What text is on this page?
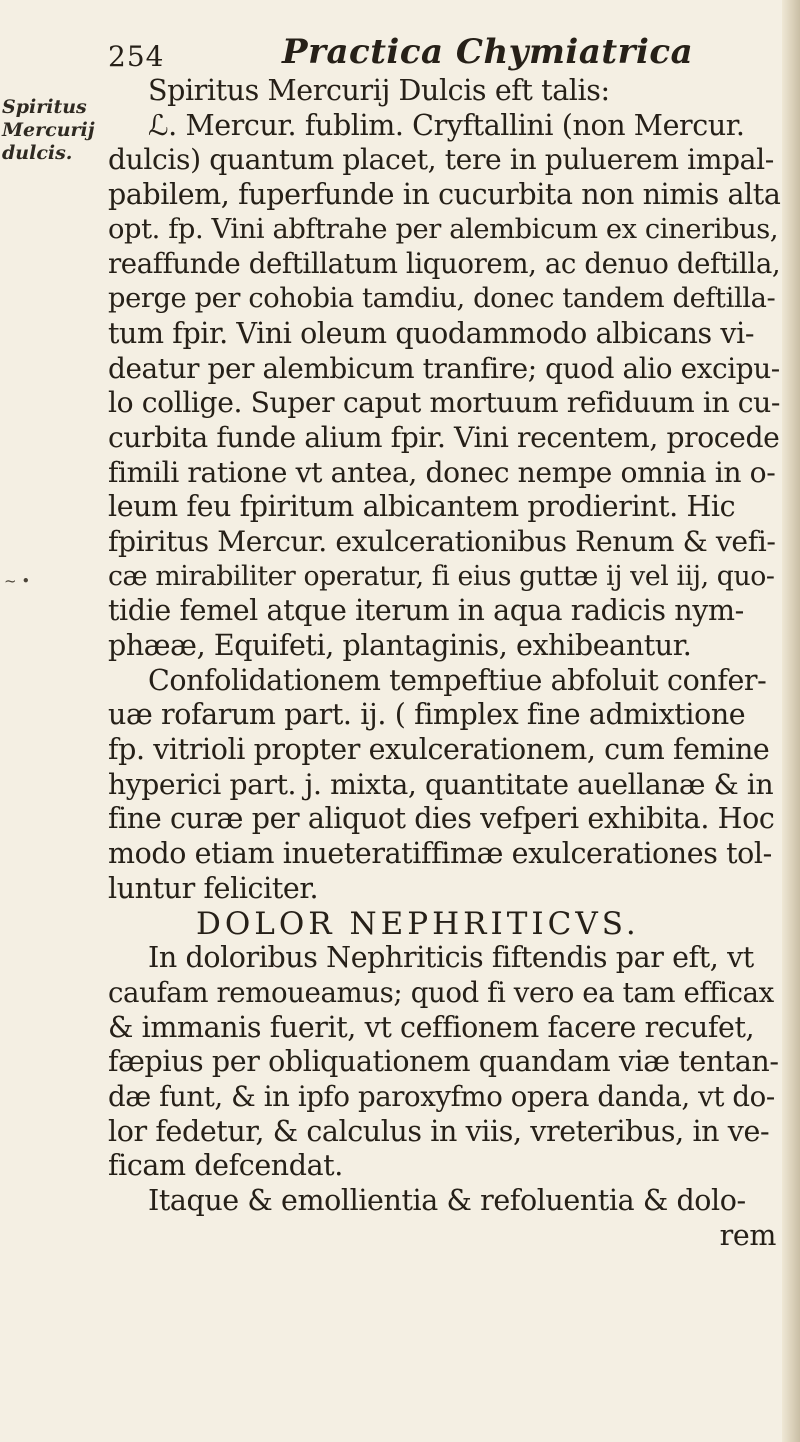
254	Practica Chymiatrica
Spiritus
Mercurij
dulcis.
~ •
Spiritus Mercurij Dulcis eft talis:
ℒ. Mercur. fublim. Cryftallini (non Mercur.
dulcis) quantum placet, tere in puluerem impal-
pabilem, fuperfunde in cucurbita non nimis alta
opt. fp. Vini abftrahe per alembicum ex cineribus,
reaffunde deftillatum liquorem, ac denuo deftilla,
perge per cohobia tamdiu, donec tandem deftilla-
tum fpir. Vini oleum quodammodo albicans vi-
deatur per alembicum tranfire; quod alio excipu-
lo collige. Super caput mortuum refiduum in cu-
curbita funde alium fpir. Vini recentem, procede
fimili ratione vt antea, donec nempe omnia in o-
leum feu fpiritum albicantem prodierint. Hic
fpiritus Mercur. exulcerationibus Renum & vefi-
cæ mirabiliter operatur, fi eius guttæ ij vel iij, quo-
tidie femel atque iterum in aqua radicis nym-
phææ, Equifeti, plantaginis, exhibeantur.
Confolidationem tempeftiue abfoluit confer-
uæ rofarum part. ij. ( fimplex fine admixtione
fp. vitrioli propter exulcerationem, cum femine
hyperici part. j. mixta, quantitate auellanæ & in
fine curæ per aliquot dies vefperi exhibita. Hoc
modo etiam inueteratiffimæ exulcerationes tol-
luntur feliciter.
DOLOR NEPHRITICVS.
In doloribus Nephriticis fiftendis par eft, vt
caufam remoueamus; quod fi vero ea tam efficax
& immanis fuerit, vt ceffionem facere recufet,
fæpius per obliquationem quandam viæ tentan-
dæ funt, & in ipfo paroxyfmo opera danda, vt do-
lor fedetur, & calculus in viis, vreteribus, in ve-
ficam defcendat.
Itaque & emollientia & refoluentia & dolo-
rem
